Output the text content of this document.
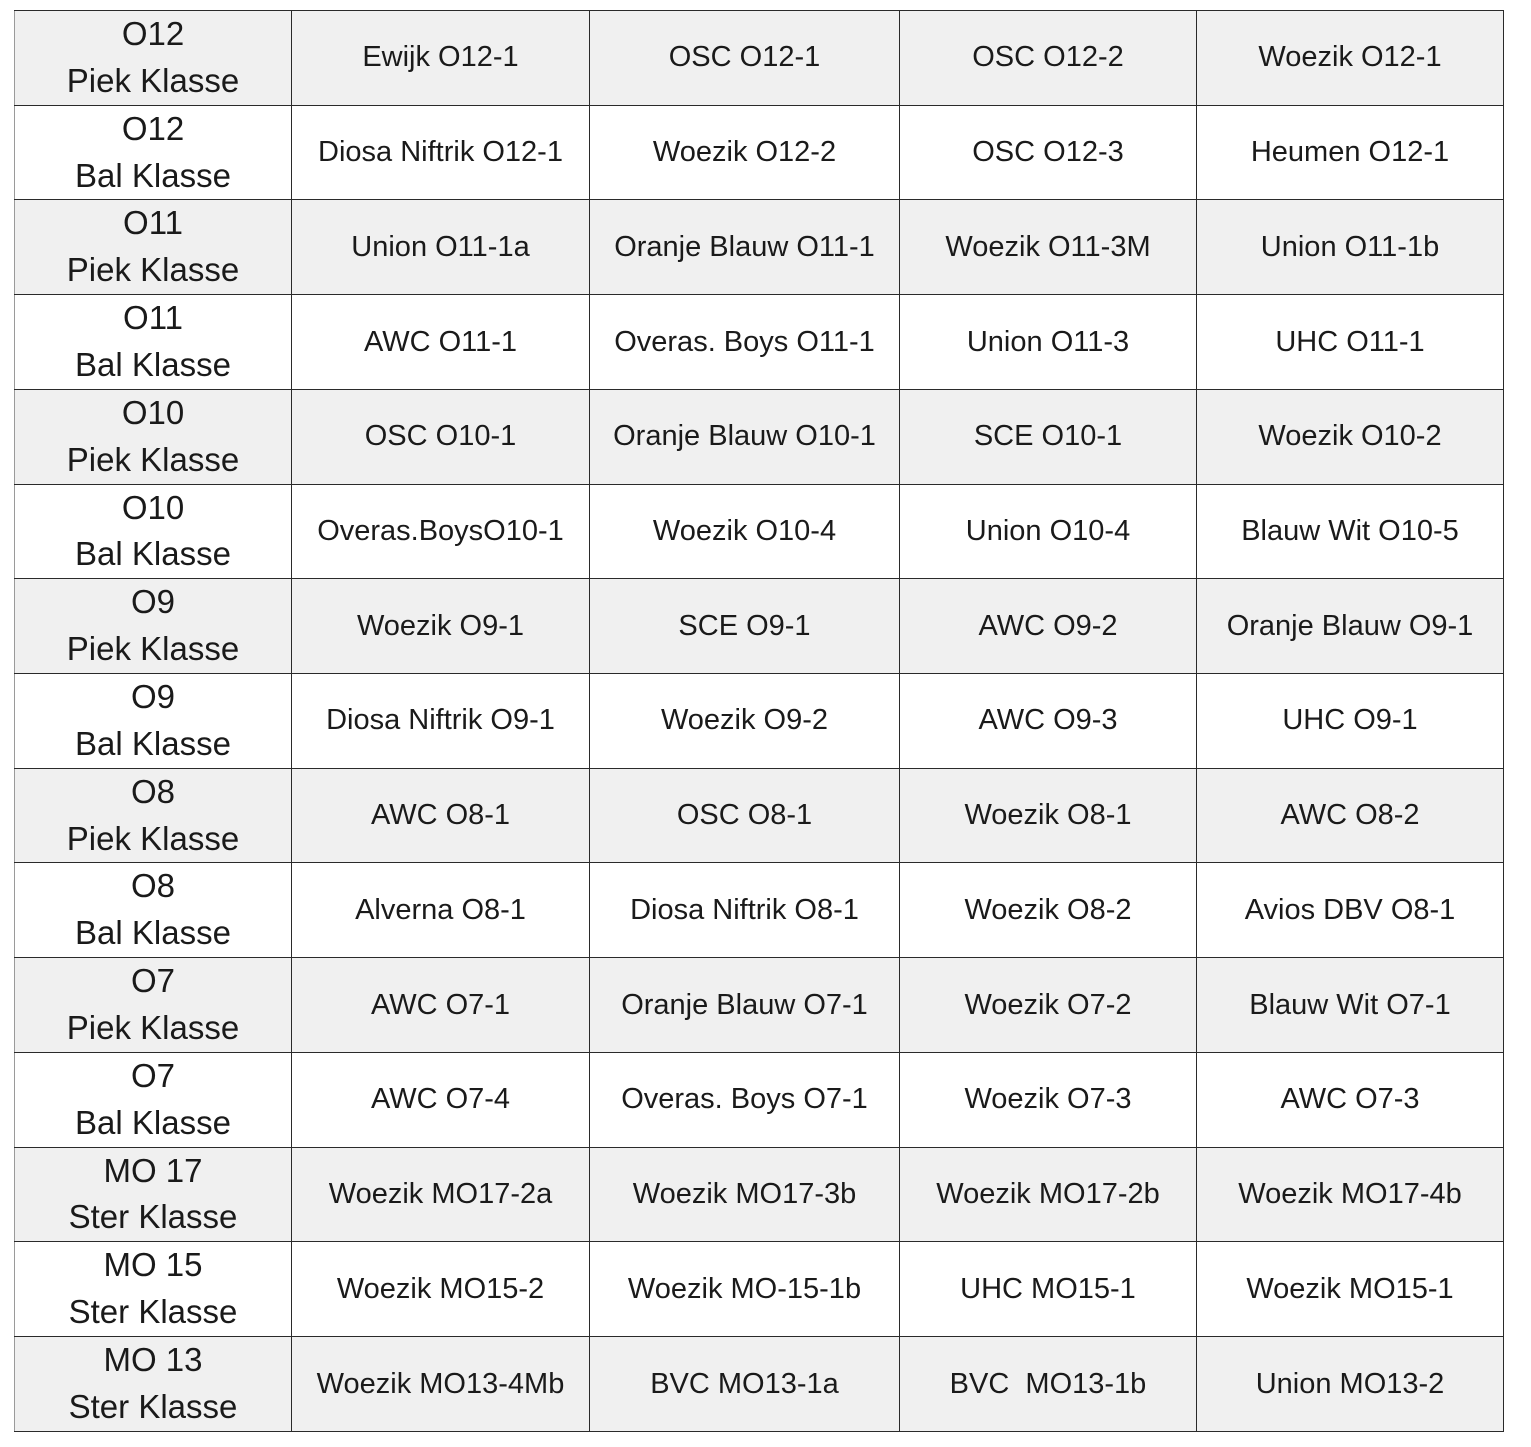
O12
Piek Klasse	Ewijk O12-1	OSC O12-1	OSC O12-2	Woezik O12-1

O12
Bal Klasse	Diosa Niftrik O12-1	Woezik O12-2	OSC O12-3	Heumen O12-1

O11
Piek Klasse	Union O11-1a	Oranje Blauw O11-1	Woezik O11-3M	Union O11-1b

O11
Bal Klasse	AWC O11-1	Overas. Boys O11-1	Union O11-3	UHC O11-1

O10
Piek Klasse	OSC O10-1	Oranje Blauw O10-1	SCE O10-1	Woezik O10-2

O10
Bal Klasse	Overas.BoysO10-1	Woezik O10-4	Union O10-4	Blauw Wit O10-5

O9
Piek Klasse	Woezik O9-1	SCE O9-1	AWC O9-2	Oranje Blauw O9-1

O9
Bal Klasse	Diosa Niftrik O9-1	Woezik O9-2	AWC O9-3	UHC O9-1

O8
Piek Klasse	AWC O8-1	OSC O8-1	Woezik O8-1	AWC O8-2

O8
Bal Klasse	Alverna O8-1	Diosa Niftrik O8-1	Woezik O8-2	Avios DBV O8-1

O7
Piek Klasse	AWC O7-1	Oranje Blauw O7-1	Woezik O7-2	Blauw Wit O7-1

O7
Bal Klasse	AWC O7-4	Overas. Boys O7-1	Woezik O7-3	AWC O7-3

MO 17
Ster Klasse	Woezik MO17-2a	Woezik MO17-3b	Woezik MO17-2b	Woezik MO17-4b

MO 15
Ster Klasse	Woezik MO15-2	Woezik MO-15-1b	UHC MO15-1	Woezik MO15-1

MO 13
Ster Klasse	Woezik MO13-4Mb	BVC MO13-1a	BVC  MO13-1b	Union MO13-2
